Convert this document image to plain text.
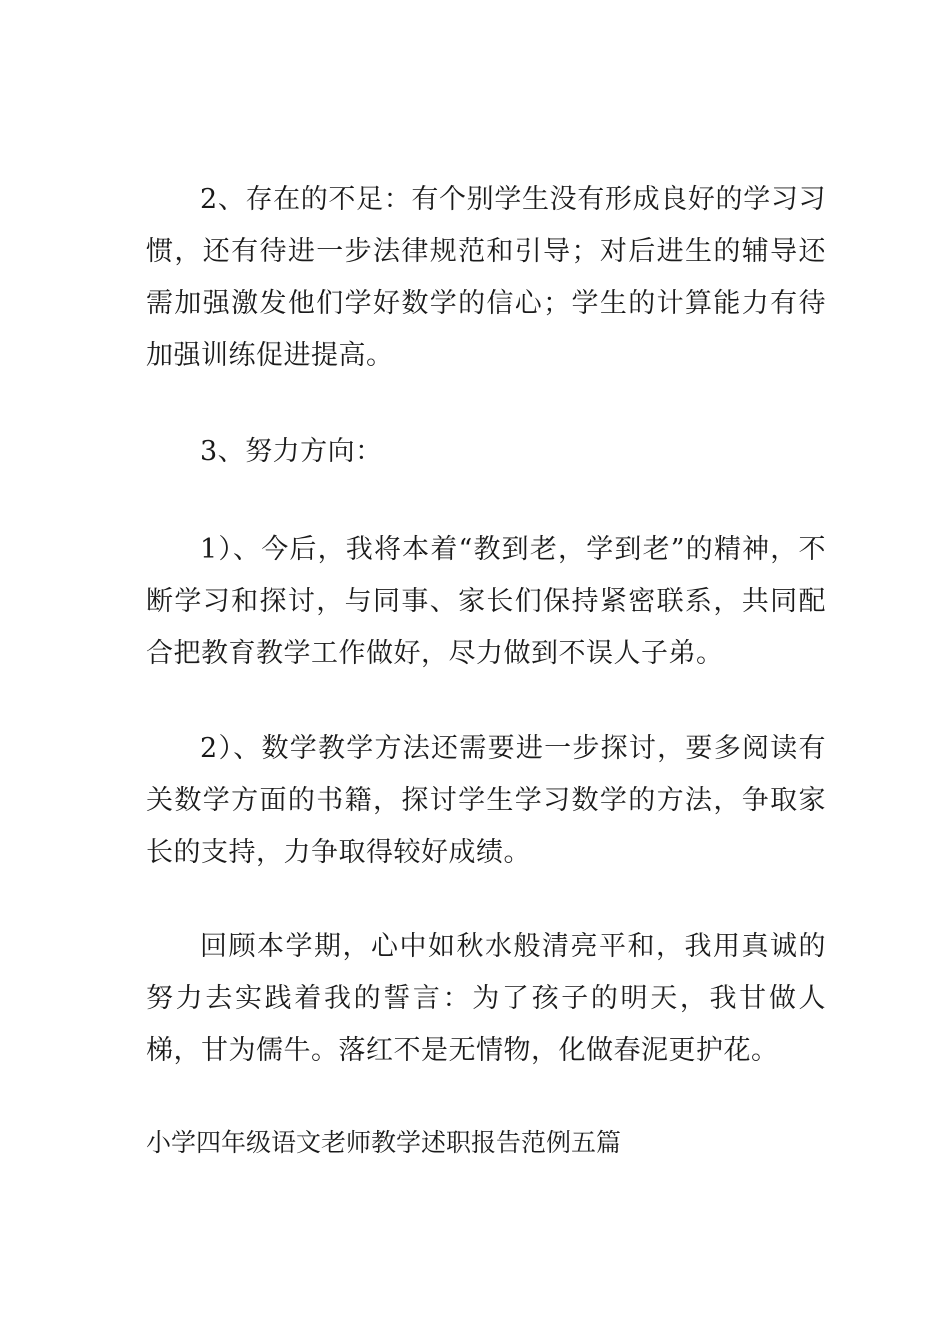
2、存在的不足：有个别学生没有形成良好的学习习惯，还有待进一步法律规范和引导；对后进生的辅导还需加强激发他们学好数学的信心；学生的计算能力有待加强训练促进提高。

3、努力方向：

1）、今后，我将本着“教到老，学到老”的精神，不断学习和探讨，与同事、家长们保持紧密联系，共同配合把教育教学工作做好，尽力做到不误人子弟。

2）、数学教学方法还需要进一步探讨，要多阅读有关数学方面的书籍，探讨学生学习数学的方法，争取家长的支持，力争取得较好成绩。

回顾本学期，心中如秋水般清亮平和，我用真诚的努力去实践着我的誓言：为了孩子的明天，我甘做人梯，甘为儒牛。落红不是无情物，化做春泥更护花。

小学四年级语文老师教学述职报告范例五篇
